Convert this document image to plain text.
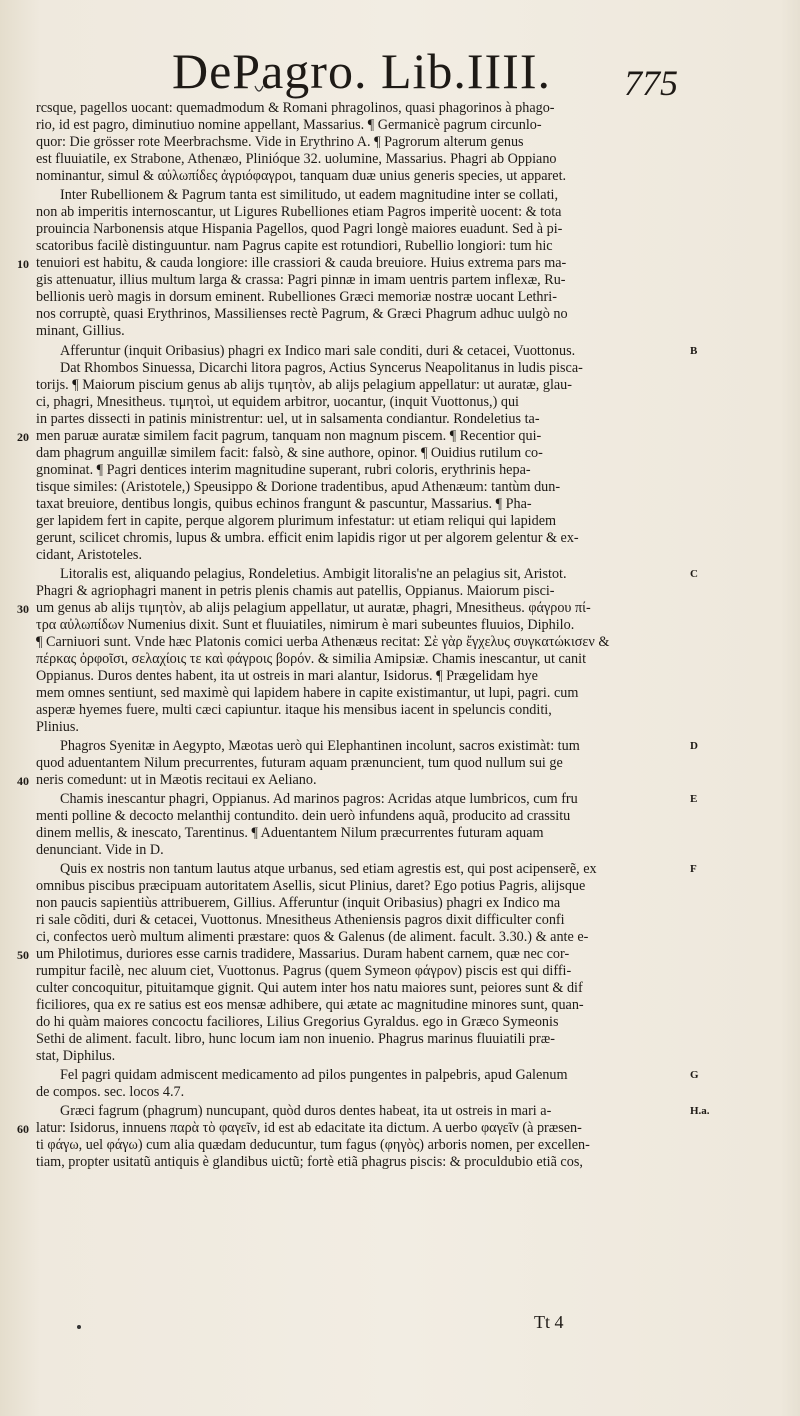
DePagro. Lib.IIII. 775
rcsque, pagellos uocant: quemadmodum & Romani phragolinos, quasi phagorinos à phago-
rio, id est pagro, diminutiuo nomine appellant, Massarius. ¶ Germanicè pagrum circunlo-
quor: Die grösser rote Meerbrachsme. Vide in Erythrino A. ¶ Pagrorum alterum genus
est fluuiatile, ex Strabone, Athenæo, Plinióque 32. uolumine, Massarius. Phagri ab Oppiano
nominantur, simul & αὐλωπίδες ἀγριόφαγροι, tanquam duæ unius generis species, ut apparet.
Inter Rubellionem & Pagrum tanta est similitudo, ut eadem magnitudine inter se collati,
non ab imperitis internoscantur, ut Ligures Rubelliones etiam Pagros imperitè uocent: & tota
prouincia Narbonensis atque Hispania Pagellos, quod Pagri longè maiores euadunt. Sed à pi-
scatoribus facilè distinguuntur. nam Pagrus capite est rotundiori, Rubellio longiori: tum hic
tenuiori est habitu, & cauda longiore: ille crassiori & cauda breuiore. Huius extrema pars ma-
10
gis attenuatur, illius multum larga & crassa: Pagri pinnæ in imam uentris partem inflexæ, Ru-
bellionis uerò magis in dorsum eminent. Rubelliones Græci memoriæ nostræ uocant Lethri-
nos corruptè, quasi Erythrinos, Massilienses rectè Pagrum, & Græci Phagrum adhuc uulgò no
minant, Gillius.
Afferuntur (inquit Oribasius) phagri ex Indico mari sale conditi, duri & cetacei, Vuottonus.	B
Dat Rhombos Sinuessa, Dicarchi litora pagros, Actius Syncerus Neapolitanus in ludis pisca-
torijs. ¶ Maiorum piscium genus ab alijs τιμητὸν, ab alijs pelagium appellatur: ut auratæ, glau-
ci, phagri, Mnesitheus. τιμητοὶ, ut equidem arbitror, uocantur, (inquit Vuottonus,) qui
in partes dissecti in patinis ministrentur: uel, ut in salsamenta condiantur. Rondeletius ta-
men paruæ auratæ similem facit pagrum, tanquam non magnum piscem. ¶ Recentior qui-
20
dam phagrum anguillæ similem facit: falsò, & sine authore, opinor. ¶ Ouidius rutilum co-
gnominat. ¶ Pagri dentices interim magnitudine superant, rubri coloris, erythrinis hepa-
tisque similes: (Aristotele,) Speusippo & Dorione tradentibus, apud Athenæum: tantùm dun-
taxat breuiore, dentibus longis, quibus echinos frangunt & pascuntur, Massarius. ¶ Pha-
ger lapidem fert in capite, perque algorem plurimum infestatur: ut etiam reliqui qui lapidem
gerunt, scilicet chromis, lupus & umbra. efficit enim lapidis rigor ut per algorem gelentur & ex-
cidant, Aristoteles.
Litoralis est, aliquando pelagius, Rondeletius. Ambigit litoralis'ne an pelagius sit, Aristot.	C
Phagri & agriophagri manent in petris plenis chamis aut patellis, Oppianus. Maiorum pisci-
um genus ab alijs τιμητὸν, ab alijs pelagium appellatur, ut auratæ, phagri, Mnesitheus. φάγρου πί-
30
τρα αὐλωπίδων Numenius dixit. Sunt et fluuiatiles, nimirum è mari subeuntes fluuios, Diphilo.
¶ Carniuori sunt. Vnde hæc Platonis comici uerba Athenæus recitat: Σὲ γὰρ ἔγχελυς συγκατώκισεν &
πέρκας ὀρφοῖσι, σελαχίοις τε καὶ φάγροις βορόν. & similia Amipsiæ. Chamis inescantur, ut canit
Oppianus. Duros dentes habent, ita ut ostreis in mari alantur, Isidorus. ¶ Prægelidam hye
mem omnes sentiunt, sed maximè qui lapidem habere in capite existimantur, ut lupi, pagri. cum
asperæ hyemes fuere, multi cæci capiuntur. itaque his mensibus iacent in speluncis conditi,
Plinius.
Phagros Syenitæ in Aegypto, Mæotas uerò qui Elephantinen incolunt, sacros existimàt: tum	D
quod aduentantem Nilum precurrentes, futuram aquam prænuncient, tum quod nullum sui ge
neris comedunt: ut in Mæotis recitaui ex Aeliano.
40
Chamis inescantur phagri, Oppianus. Ad marinos pagros: Acridas atque lumbricos, cum fru	E
menti polline & decocto melanthij contundito. dein uerò infundens aquã, producito ad crassitu
dinem mellis, & inescato, Tarentinus. ¶ Aduentantem Nilum præcurrentes futuram aquam
denunciant. Vide in D.
Quis ex nostris non tantum lautus atque urbanus, sed etiam agrestis est, qui post acipenserẽ, ex	F
omnibus piscibus præcipuam autoritatem Asellis, sicut Plinius, daret? Ego potius Pagris, alijsque
non paucis sapientiùs attribuerem, Gillius. Afferuntur (inquit Oribasius) phagri ex Indico ma
ri sale cõditi, duri & cetacei, Vuottonus. Mnesitheus Atheniensis pagros dixit difficulter confi
ci, confectos uerò multum alimenti præstare: quos & Galenus (de aliment. facult. 3.30.) & ante e-
um Philotimus, duriores esse carnis tradidere, Massarius. Duram habent carnem, quæ nec cor-
50
rumpitur facilè, nec aluum ciet, Vuottonus. Pagrus (quem Symeon φάγρον) piscis est qui diffi-
culter concoquitur, pituitamque gignit. Qui autem inter hos natu maiores sunt, peiores sunt & dif
ficiliores, qua ex re satius est eos mensæ adhibere, qui ætate ac magnitudine minores sunt, quan-
do hi quàm maiores concoctu faciliores, Lilius Gregorius Gyraldus. ego in Græco Symeonis
Sethi de aliment. facult. libro, hunc locum iam non inuenio. Phagrus marinus fluuiatili præ-
stat, Diphilus.
Fel pagri quidam admiscent medicamento ad pilos pungentes in palpebris, apud Galenum	G
de compos. sec. locos 4.7.
Græci fagrum (phagrum) nuncupant, quòd duros dentes habeat, ita ut ostreis in mari a-	H.a.
latur: Isidorus, innuens παρὰ τὸ φαγεῖν, id est ab edacitate ita dictum. A uerbo φαγεῖν (à præsen-
60
ti φάγω, uel φάγω) cum alia quædam deducuntur, tum fagus (φηγὸς) arboris nomen, per excellen-
tiam, propter usitatũ antiquis è glandibus uictũ; fortè etiã phagrus piscis: & proculdubio etiã cos,
Tt 4
